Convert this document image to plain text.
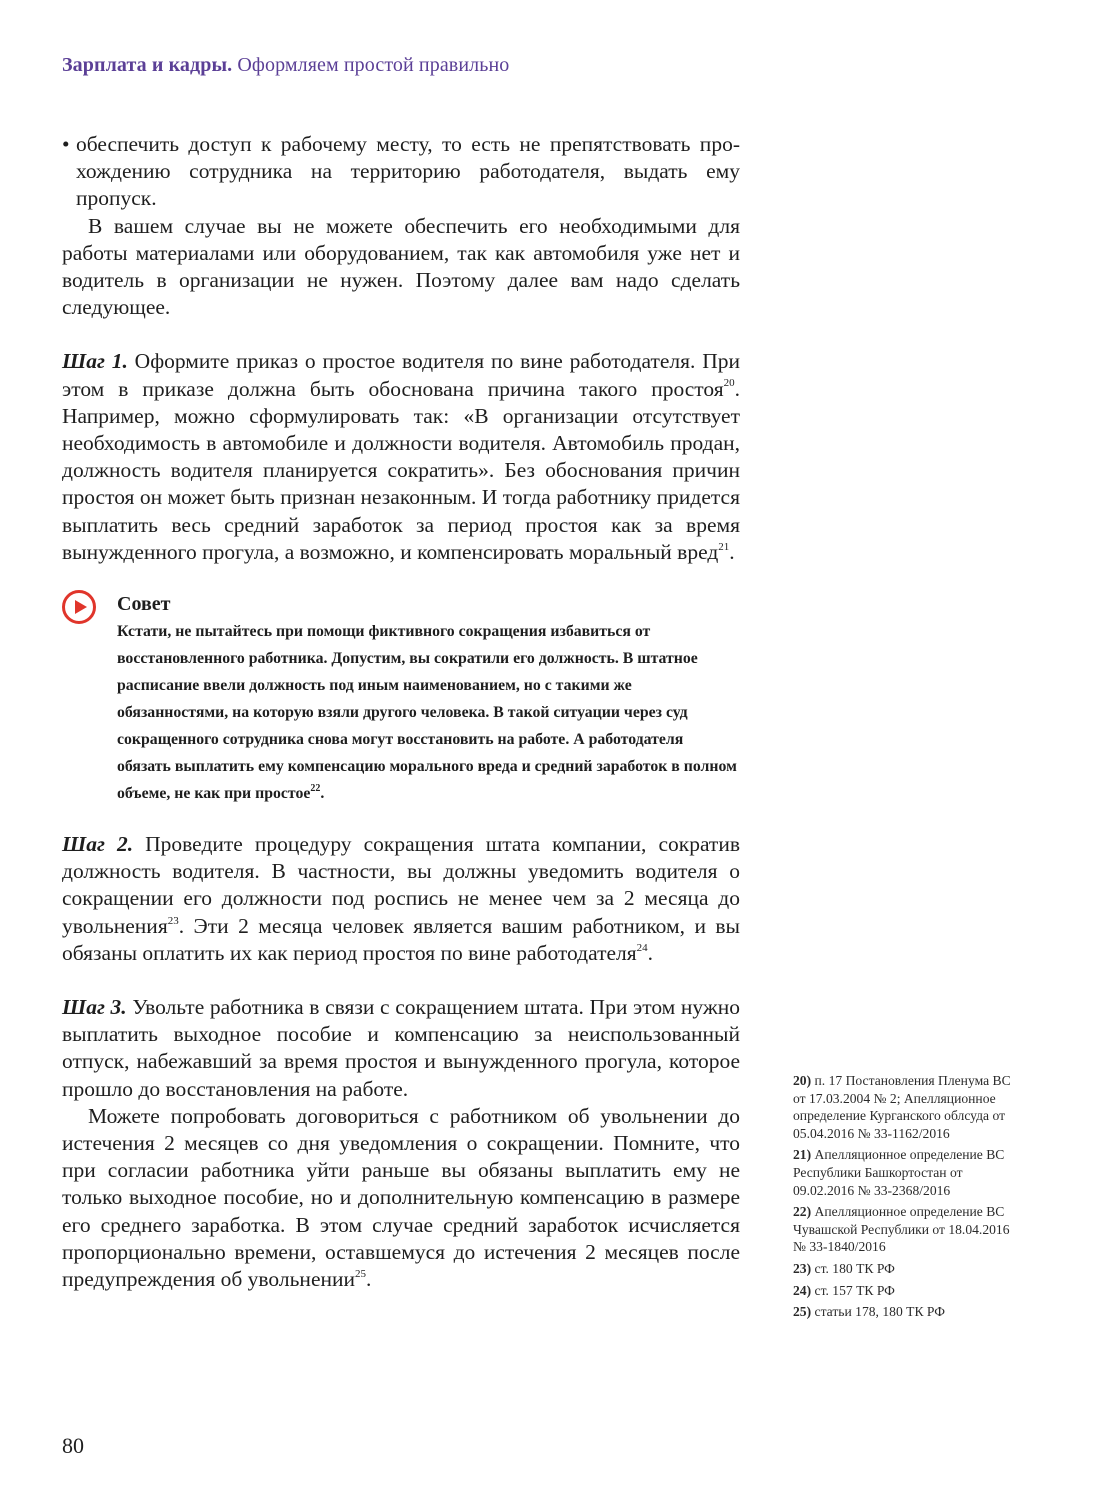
Зарплата и кадры. Оформляем простой правильно

• обеспечить доступ к рабочему месту, то есть не препятствовать прохождению сотрудника на территорию работодателя, выдать ему пропуск.

В вашем случае вы не можете обеспечить его необходимыми для работы материалами или оборудованием, так как автомобиля уже нет и водитель в организации не нужен. Поэтому далее вам надо сделать следующее.

Шаг 1. Оформите приказ о простое водителя по вине работодателя. При этом в приказе должна быть обоснована причина такого простоя$^{20}$. Например, можно сформулировать так: «В организации отсутствует необходимость в автомобиле и должности водителя. Автомобиль продан, должность водителя планируется сократить». Без обоснования причин простоя он может быть признан незаконным. И тогда работнику придется выплатить весь средний заработок за период простоя как за время вынужденного прогула, а возможно, и компенсировать моральный вред$^{21}$.

Совет

Кстати, не пытайтесь при помощи фиктивного сокращения избавиться от восстановленного работника. Допустим, вы сократили его должность. В штатное расписание ввели должность под иным наименованием, но с такими же обязанностями, на которую взяли другого человека. В такой ситуации через суд сокращенного сотрудника снова могут восстановить на работе. А работодателя обязать выплатить ему компенсацию морального вреда и средний заработок в полном объеме, не как при простое$^{22}$.

Шаг 2. Проведите процедуру сокращения штата компании, сократив должность водителя. В частности, вы должны уведомить водителя о сокращении его должности под роспись не менее чем за 2 месяца до увольнения$^{23}$. Эти 2 месяца человек является вашим работником, и вы обязаны оплатить их как период простоя по вине работодателя$^{24}$.

Шаг 3. Увольте работника в связи с сокращением штата. При этом нужно выплатить выходное пособие и компенсацию за неиспользованный отпуск, набежавший за время простоя и вынужденного прогула, которое прошло до восстановления на работе.

Можете попробовать договориться с работником об увольнении до истечения 2 месяцев со дня уведомления о сокращении. Помните, что при согласии работника уйти раньше вы обязаны выплатить ему не только выходное пособие, но и дополнительную компенсацию в размере его среднего заработка. В этом случае средний заработок исчисляется пропорционально времени, оставшемуся до истечения 2 месяцев после предупреждения об увольнении$^{25}$.

20) п. 17 Постановления Пленума ВС от 17.03.2004 № 2; Апелляционное определение Курганского облсуда от 05.04.2016 № 33-1162/2016

21) Апелляционное определение ВС Республики Башкортостан от 09.02.2016 № 33-2368/2016

22) Апелляционное определение ВС Чувашской Республики от 18.04.2016 № 33-1840/2016

23) ст. 180 ТК РФ

24) ст. 157 ТК РФ

25) статьи 178, 180 ТК РФ

80
